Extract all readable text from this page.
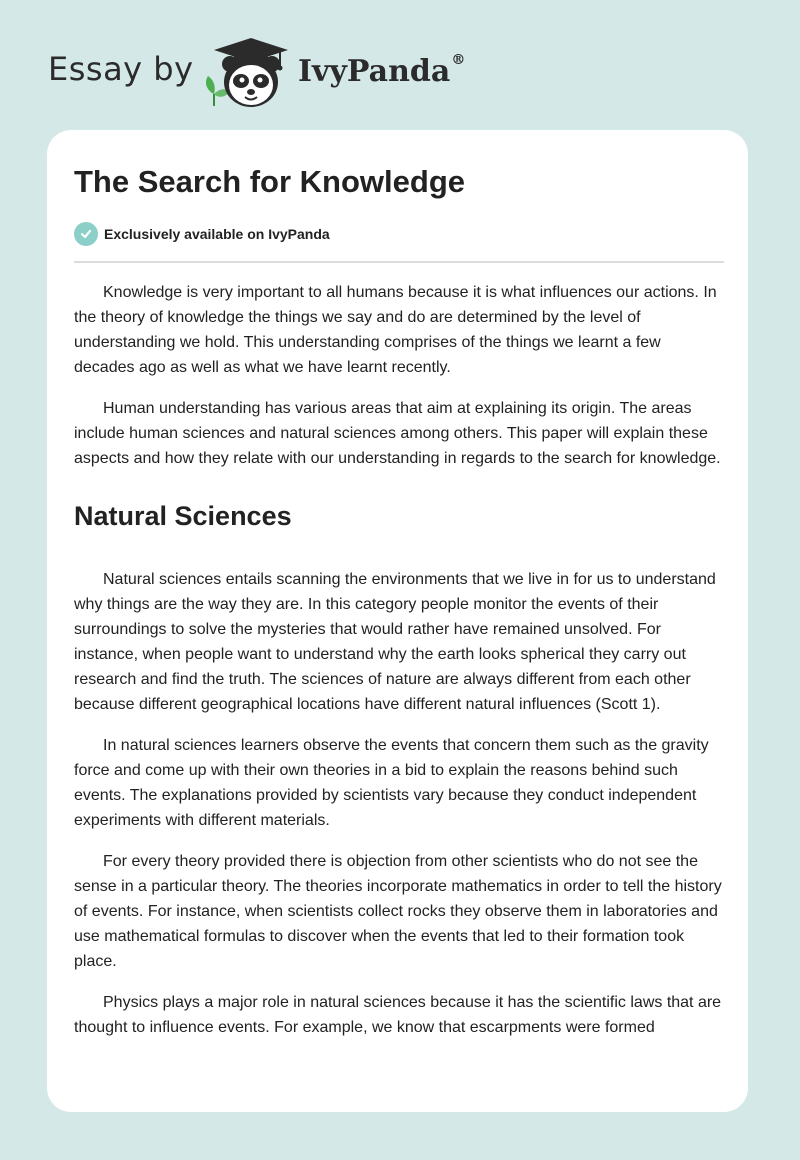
Essay by	IvyPanda®
The Search for Knowledge
Exclusively available on IvyPanda

Knowledge is very important to all humans because it is what influences our actions. In the theory of knowledge the things we say and do are determined by the level of understanding we hold. This understanding comprises of the things we learnt a few decades ago as well as what we have learnt recently.

Human understanding has various areas that aim at explaining its origin. The areas include human sciences and natural sciences among others. This paper will explain these aspects and how they relate with our understanding in regards to the search for knowledge.

Natural Sciences

Natural sciences entails scanning the environments that we live in for us to understand why things are the way they are. In this category people monitor the events of their surroundings to solve the mysteries that would rather have remained unsolved. For instance, when people want to understand why the earth looks spherical they carry out research and find the truth. The sciences of nature are always different from each other because different geographical locations have different natural influences (Scott 1).

In natural sciences learners observe the events that concern them such as the gravity force and come up with their own theories in a bid to explain the reasons behind such events. The explanations provided by scientists vary because they conduct independent experiments with different materials.

For every theory provided there is objection from other scientists who do not see the sense in a particular theory. The theories incorporate mathematics in order to tell the history of events. For instance, when scientists collect rocks they observe them in laboratories and use mathematical formulas to discover when the events that led to their formation took place.

Physics plays a major role in natural sciences because it has the scientific laws that are thought to influence events. For example, we know that escarpments were formed
